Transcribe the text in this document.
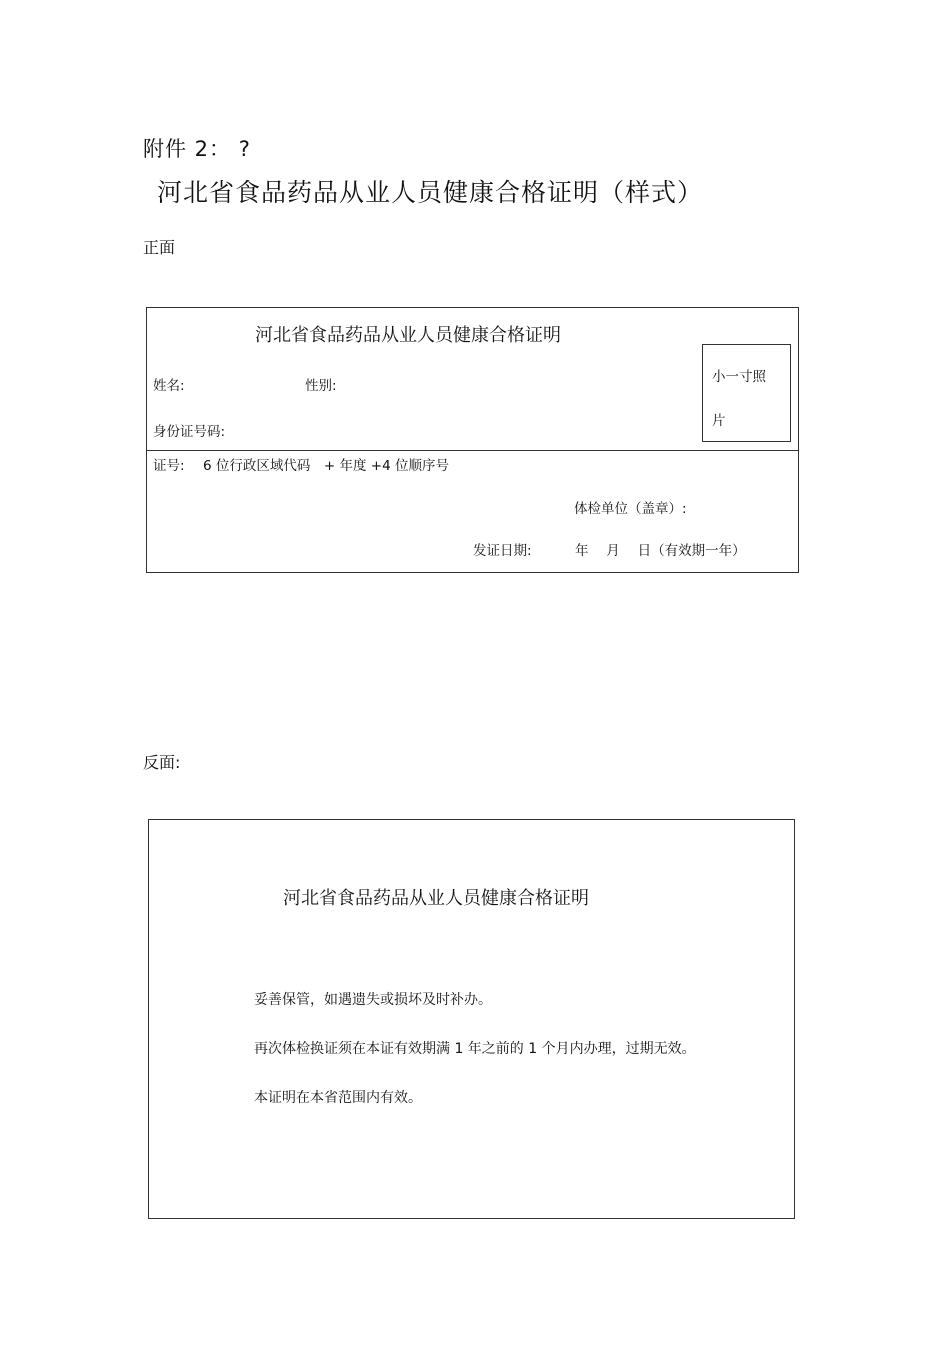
附件 2： ?
河北省食品药品从业人员健康合格证明（样式）
正面
河北省食品药品从业人员健康合格证明
姓名:	性别:
身份证号码:
小一寸照
片
证号: 6 位行政区域代码　+ 年度 +4 位顺序号
体检单位（盖章）:
发证日期:	年　 月　 日（有效期一年）
反面:
河北省食品药品从业人员健康合格证明
妥善保管，如遇遗失或损坏及时补办。
再次体检换证须在本证有效期满 1 年之前的 1 个月内办理，过期无效。
本证明在本省范围内有效。
